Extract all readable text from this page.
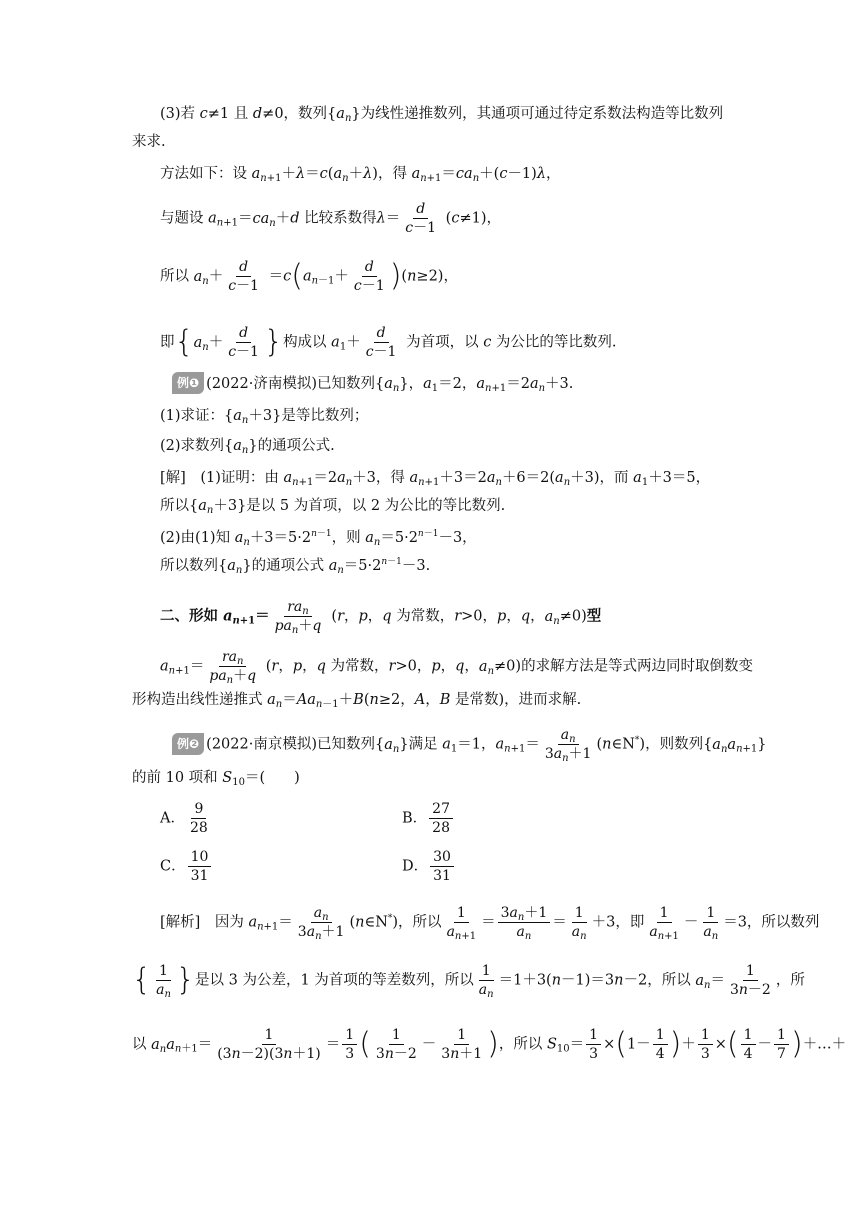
(3)若 c≠1 且 d≠0，数列$\{a_n\}$为线性递推数列，其通项可通过待定系数法构造等比数列
来求.
方法如下：设 $a_{n+1}+\lambda=c(a_n+\lambda)$，得 $a_{n+1}=ca_n+(c-1)\lambda$，
与题设 $a_{n+1}=ca_n+d$ 比较系数得$\lambda= \frac{d}{c-1} (c\ne 1)$，
所以 $a_n+ \frac{d}{c-1} =c(a_{n-1}+ \frac{d}{c-1} )(n\ge 2)$，
即{$a_n+ \frac{d}{c-1}$ }构成以 $a_1+ \frac{d}{c-1}$ 为首项，以 c 为公比的等比数列.
例❶ (2022·济南模拟)已知数列$\{a_n\}$，$a_1=2$，$a_{n+1}=2a_n+3$.
(1)求证：$\{a_n+3\}$是等比数列；
(2)求数列$\{a_n\}$的通项公式.
[解]　(1)证明：由 $a_{n+1}=2a_n+3$，得 $a_{n+1}+3=2a_n+6=2(a_n+3)$，而 $a_1+3=5$，
所以$\{a_n+3\}$是以 5 为首项，以 2 为公比的等比数列.
(2)由(1)知 $a_n+3=5\cdot 2^{n-1}$，则 $a_n=5\cdot 2^{n-1}-3$，
所以数列$\{a_n\}$的通项公式 $a_n=5\cdot 2^{n-1}-3$.
二、形如 $a_{n+1}= \frac{ra_n}{pa_n+q} (r$，p，q 为常数，r>0，p，q，$a_n\ne 0$)型
$a_{n+1}= \frac{ra_n}{pa_n+q} (r$，p，q 为常数，r>0，p，q，$a_n\ne 0$)的求解方法是等式两边同时取倒数变
形构造出线性递推式 $a_n=Aa_{n-1}+B(n\ge 2$，A，B 是常数)，进而求解.
例❷ (2022·南京模拟)已知数列$\{a_n\}$满足 $a_1=1$，$a_{n+1}= \frac{a_n}{3a_n+1}$ (n∈N*)，则数列$\{a_na_{n+1}\}$
的前 10 项和 $S_{10}=$(　　)
A． $\frac{9}{28}$	B． $\frac{27}{28}$
C． $\frac{10}{31}$	D． $\frac{30}{31}$
[解析]　因为 $a_{n+1}= \frac{a_n}{3a_n+1}$ (n∈N*)，所以 $\frac{1}{a_{n+1}} = \frac{3a_n+1}{a_n} = \frac{1}{a_n} +3$，即 $\frac{1}{a_{n+1}} - \frac{1}{a_n} =3$，所以数列
{ $\frac{1}{a_n}$ }是以 3 为公差，1 为首项的等差数列，所以 $\frac{1}{a_n} =1+3(n-1)=3n-2$，所以 $a_n= \frac{1}{3n-2}$ ，所
以 $a_na_{n+1}= \frac{1}{(3n-2)(3n+1)} = \frac{1}{3}$ ( $\frac{1}{3n-2} - \frac{1}{3n+1}$ )，所以 $S_{10}= \frac{1}{3} \times(1- \frac{1}{4}$ )＋ $\frac{1}{3}$ ×( $\frac{1}{4} - \frac{1}{7}$ )＋…＋
